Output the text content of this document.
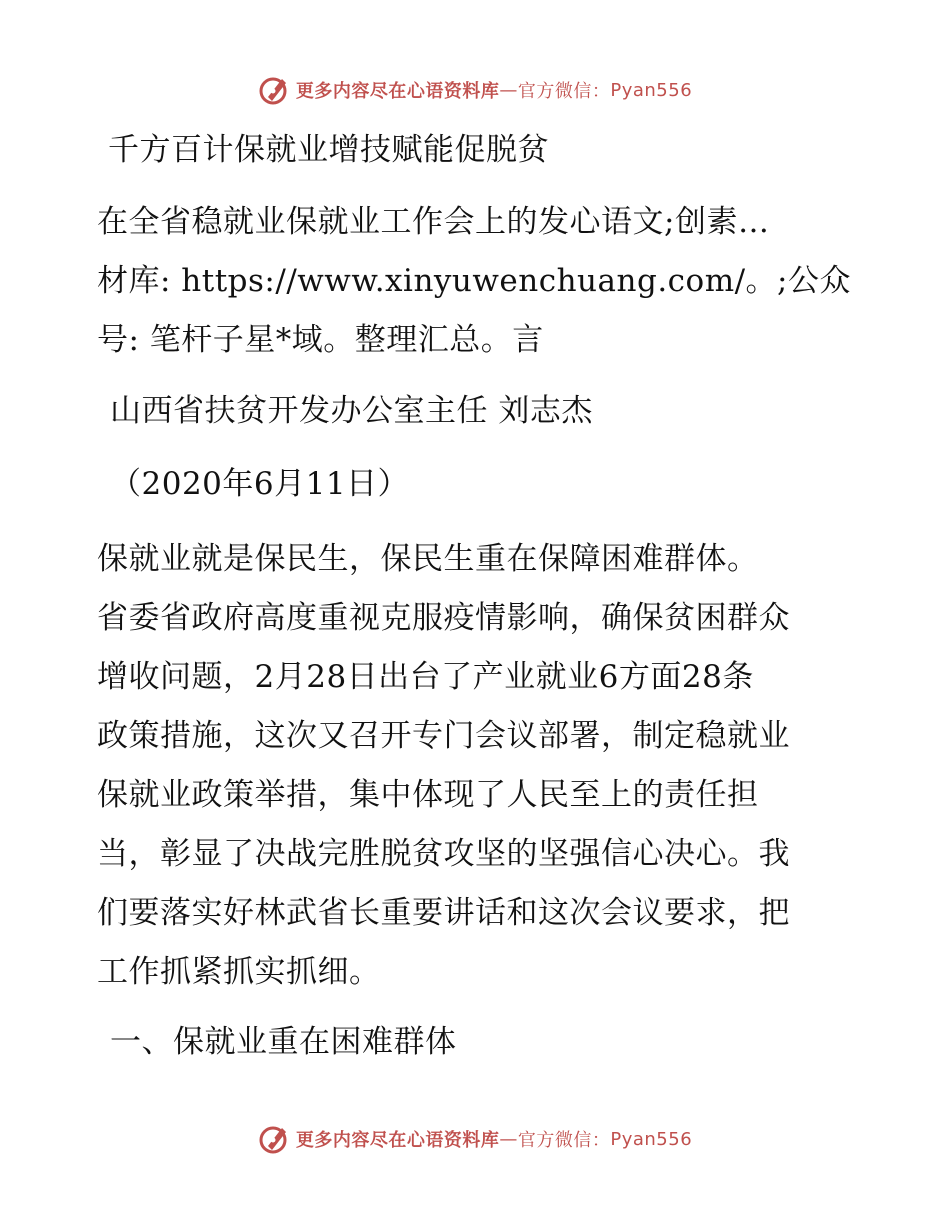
更多内容尽在心语资料库 — 官方微信： Pyan556
千方百计保就业增技赋能促脱贫
在全省稳就业保就业工作会上的发心语文;创素…
材库: https://www.xinyuwenchuang.com/。;公众
号: 笔杆子星*域。整理汇总。言
山西省扶贫开发办公室主任 刘志杰
（2020年6月11日）
保就业就是保民生，保民生重在保障困难群体。
省委省政府高度重视克服疫情影响，确保贫困群众
增收问题，2月28日出台了产业就业6方面28条
政策措施，这次又召开专门会议部署，制定稳就业
保就业政策举措，集中体现了人民至上的责任担
当，彰显了决战完胜脱贫攻坚的坚强信心决心。我
们要落实好林武省长重要讲话和这次会议要求，把
工作抓紧抓实抓细。
一、保就业重在困难群体
更多内容尽在心语资料库 — 官方微信： Pyan556
